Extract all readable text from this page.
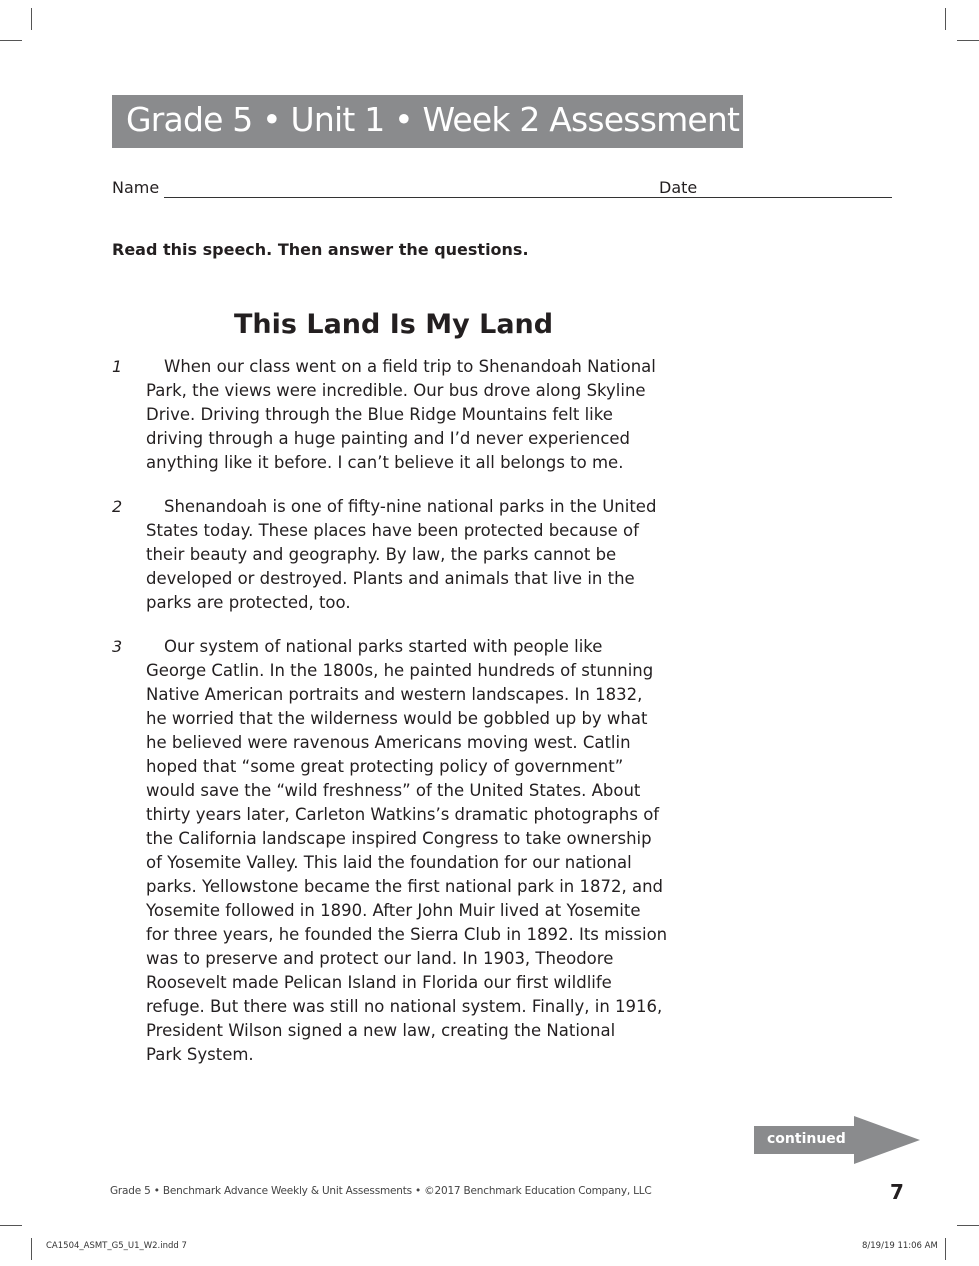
Grade 5 • Unit 1 • Week 2 Assessment
Name	Date
Read this speech. Then answer the questions.
This Land Is My Land
1	When our class went on a field trip to Shenandoah National
Park, the views were incredible. Our bus drove along Skyline
Drive. Driving through the Blue Ridge Mountains felt like
driving through a huge painting and I’d never experienced
anything like it before. I can’t believe it all belongs to me.
2	Shenandoah is one of fifty-nine national parks in the United
States today. These places have been protected because of
their beauty and geography. By law, the parks cannot be
developed or destroyed. Plants and animals that live in the
parks are protected, too.
3	Our system of national parks started with people like
George Catlin. In the 1800s, he painted hundreds of stunning
Native American portraits and western landscapes. In 1832,
he worried that the wilderness would be gobbled up by what
he believed were ravenous Americans moving west. Catlin
hoped that “some great protecting policy of government”
would save the “wild freshness” of the United States. About
thirty years later, Carleton Watkins’s dramatic photographs of
the California landscape inspired Congress to take ownership
of Yosemite Valley. This laid the foundation for our national
parks. Yellowstone became the first national park in 1872, and
Yosemite followed in 1890. After John Muir lived at Yosemite
for three years, he founded the Sierra Club in 1892. Its mission
was to preserve and protect our land. In 1903, Theodore
Roosevelt made Pelican Island in Florida our first wildlife
refuge. But there was still no national system. Finally, in 1916,
President Wilson signed a new law, creating the National
Park System.
continued
Grade 5 • Benchmark Advance Weekly & Unit Assessments • ©2017 Benchmark Education Company, LLC	7
CA1504_ASMT_G5_U1_W2.indd 7	8/19/19 11:06 AM
